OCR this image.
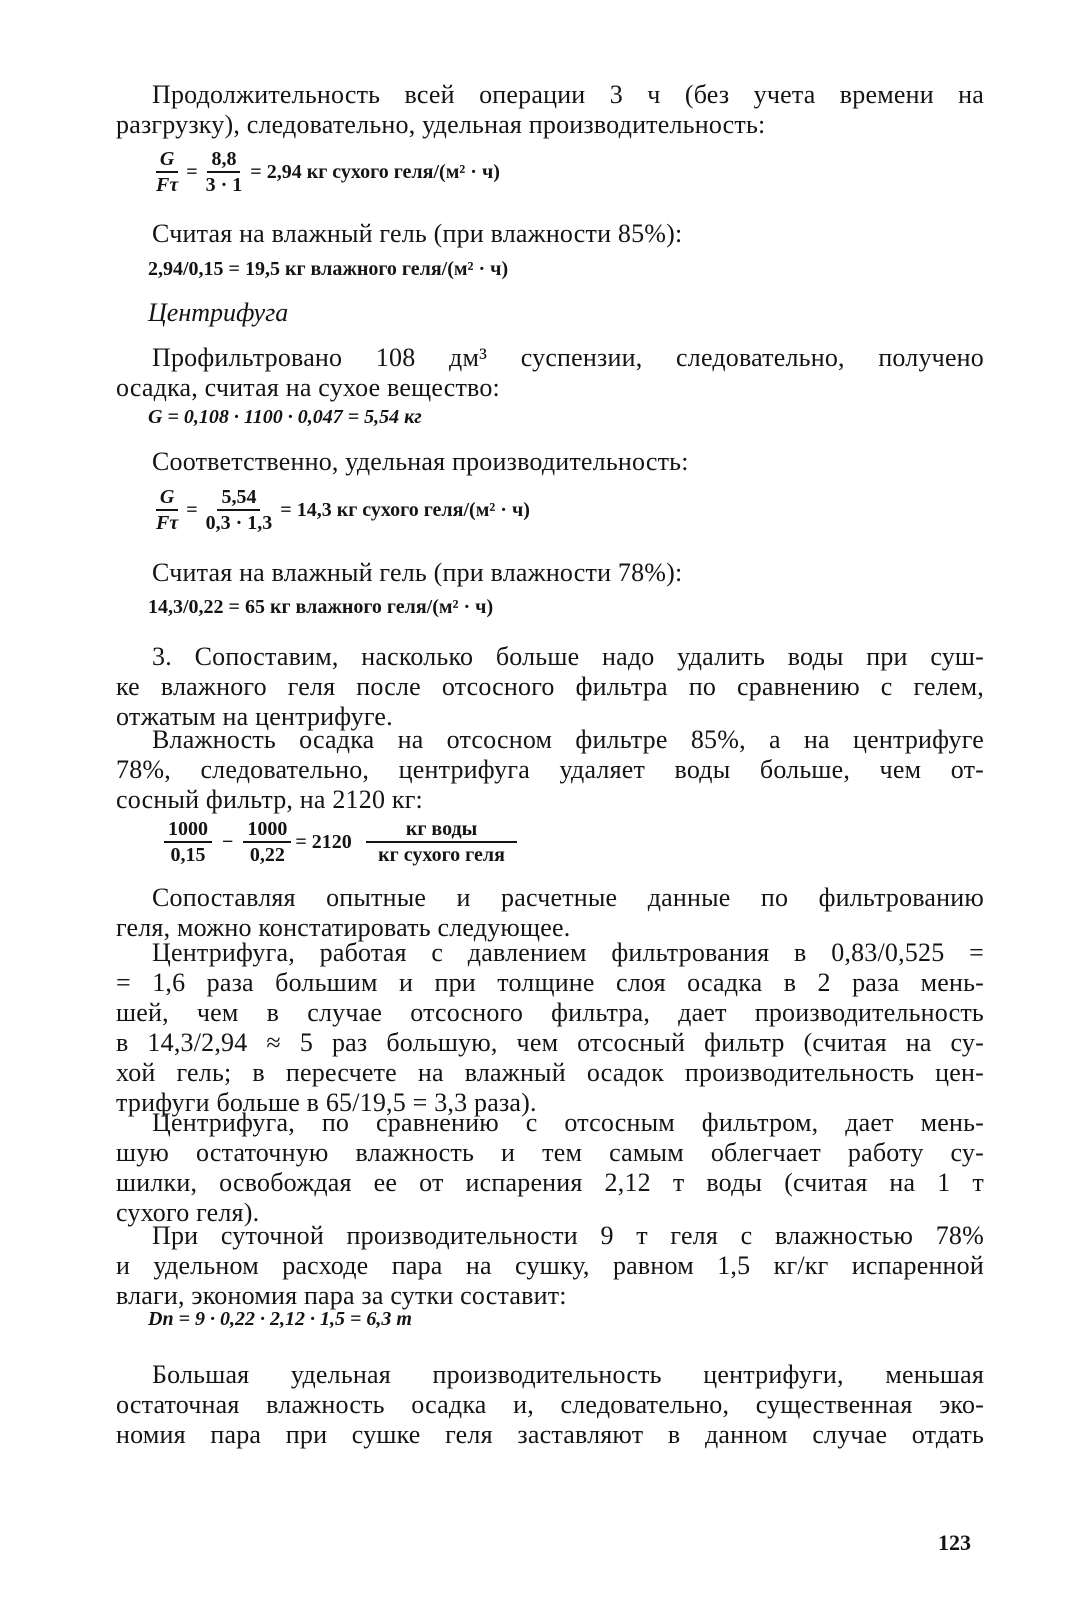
Продолжительность всей операции 3 ч (без учета времени на
разгрузку), следовательно, удельная производительность:

$\frac{G}{F\tau} = \frac{8,8}{3 \cdot 1} = 2,94$ кг сухого геля/(м² · ч)

Считая на влажный гель (при влажности 85%):

2,94/0,15 = 19,5 кг влажного геля/(м² · ч)
Центрифуга

Профильтровано 108 дм³ суспензии, следовательно, получено
осадка, считая на сухое вещество:

G = 0,108 · 1100 · 0,047 = 5,54 кг

Соответственно, удельная производительность:

$\frac{G}{F\tau} = \frac{5,54}{0,3 \cdot 1,3} = 14,3$ кг сухого геля/(м² · ч)

Считая на влажный гель (при влажности 78%):

14,3/0,22 = 65 кг влажного геля/(м² · ч)

3. Сопоставим, насколько больше надо удалить воды при суш-
ке влажного геля после отсосного фильтра по сравнению с гелем,
отжатым на центрифуге.

Влажность осадка на отсосном фильтре 85%, а на центрифуге
78%, следовательно, центрифуга удаляет воды больше, чем от-
сосный фильтр, на 2120 кг:

$\frac{1000}{0,15} - \frac{1000}{0,22} = 2120 \frac{\text{кг воды}}{\text{кг сухого геля}}$

Сопоставляя опытные и расчетные данные по фильтрованию
геля, можно констатировать следующее.

Центрифуга, работая с давлением фильтрования в 0,83/0,525 =
= 1,6 раза большим и при толщине слоя осадка в 2 раза мень-
шей, чем в случае отсосного фильтра, дает производительность
в 14,3/2,94 ≈ 5 раз большую, чем отсосный фильтр (считая на су-
хой гель; в пересчете на влажный осадок производительность цен-
трифуги больше в 65/19,5 = 3,3 раза).

Центрифуга, по сравнению с отсосным фильтром, дает мень-
шую остаточную влажность и тем самым облегчает работу су-
шилки, освобождая ее от испарения 2,12 т воды (считая на 1 т
сухого геля).

При суточной производительности 9 т геля с влажностью 78%
и удельном расходе пара на сушку, равном 1,5 кг/кг испаренной
влаги, экономия пара за сутки составит:

Dп = 9 · 0,22 · 2,12 · 1,5 = 6,3 т

Большая удельная производительность центрифуги, меньшая
остаточная влажность осадка и, следовательно, существенная эко-
номия пара при сушке геля заставляют в данном случае отдать

123
